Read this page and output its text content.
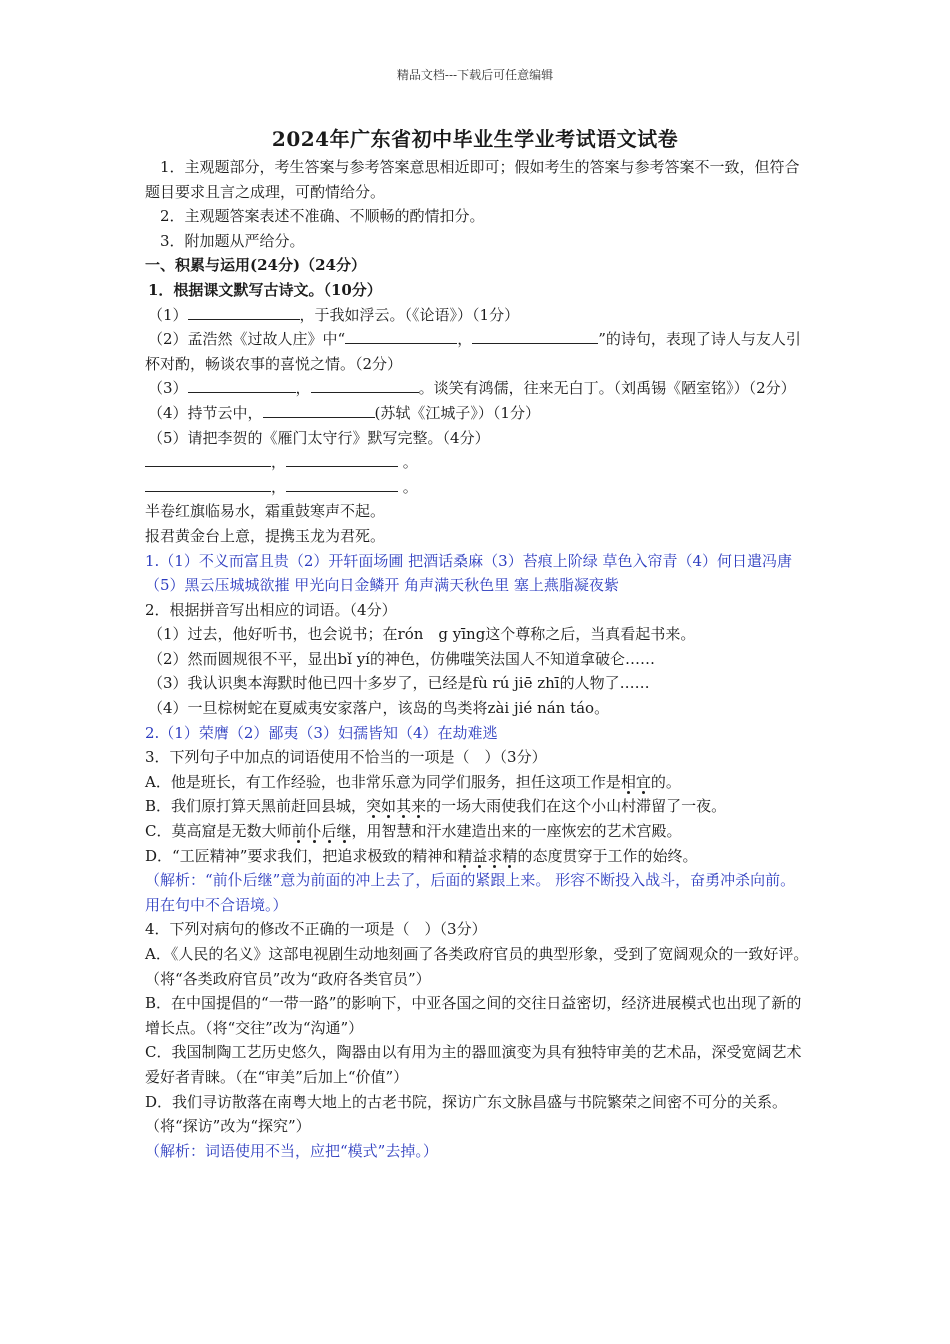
精品文档---下载后可任意编辑
2024年广东省初中毕业生学业考试语文试卷

1．主观题部分，考生答案与参考答案意思相近即可；假如考生的答案与参考答案不一致，但符合题目要求且言之成理，可酌情给分。

2．主观题答案表述不准确、不顺畅的酌情扣分。

3．附加题从严给分。

一、积累与运用(24分)（24分）

1．根据课文默写古诗文。（10分）

（1）	，于我如浮云。（《论语》）（1分）

（2）孟浩然《过故人庄》中“	，	”的诗句，表现了诗人与友人引杯对酌，畅谈农事的喜悦之情。（2分）

（3）	，	。谈笑有鸿儒，往来无白丁。（刘禹锡《陋室铭》）（2分）

（4）持节云中，	(苏轼《江城子》）（1分）

（5）请把李贺的《雁门太守行》默写完整。（4分）

，	。

，	。

半卷红旗临易水，霜重鼓寒声不起。

报君黄金台上意，提携玉龙为君死。

1.（1）不义而富且贵（2）开轩面场圃 把酒话桑麻（3）苔痕上阶绿 草色入帘青（4）何日遣冯唐（5）黑云压城城欲摧 甲光向日金鳞开 角声满天秋色里 塞上燕脂凝夜紫

2．根据拼音写出相应的词语。（4分）

（1）过去，他好听书，也会说书；在rón　g yīng这个尊称之后，当真看起书来。

（2）然而圆规很不平，显出bǐ yí的神色，仿佛嗤笑法国人不知道拿破仑……

（3）我认识奥本海默时他已四十多岁了，已经是fù rú jiē zhī的人物了……

（4）一旦棕树蛇在夏威夷安家落户，该岛的鸟类将zài jié nán táo。

2.（1）荣膺（2）鄙夷（3）妇孺皆知（4）在劫难逃

3．下列句子中加点的词语使用不恰当的一项是（　）（3分）

A．他是班长，有工作经验，也非常乐意为同学们服务，担任这项工作是相宜的。

B．我们原打算天黑前赶回县城，突如其来的一场大雨使我们在这个小山村滞留了一夜。

C．莫高窟是无数大师前仆后继，用智慧和汗水建造出来的一座恢宏的艺术宫殿。

D．“工匠精神”要求我们，把追求极致的精神和精益求精的态度贯穿于工作的始终。

（解析：“前仆后继”意为前面的冲上去了，后面的紧跟上来。 形容不断投入战斗，奋勇冲杀向前。用在句中不合语境。）

4．下列对病句的修改不正确的一项是（　）（3分）

A．《人民的名义》这部电视剧生动地刻画了各类政府官员的典型形象，受到了宽阔观众的一致好评。（将“各类政府官员”改为“政府各类官员”）

B．在中国提倡的“一带一路”的影响下，中亚各国之间的交往日益密切，经济进展模式也出现了新的增长点。（将“交往”改为“沟通”）

C．我国制陶工艺历史悠久，陶器由以有用为主的器皿演变为具有独特审美的艺术品，深受宽阔艺术爱好者青睐。（在“审美”后加上“价值”）

D．我们寻访散落在南粤大地上的古老书院，探访广东文脉昌盛与书院繁荣之间密不可分的关系。（将“探访”改为“探究”）

（解析：词语使用不当，应把“模式”去掉。）
